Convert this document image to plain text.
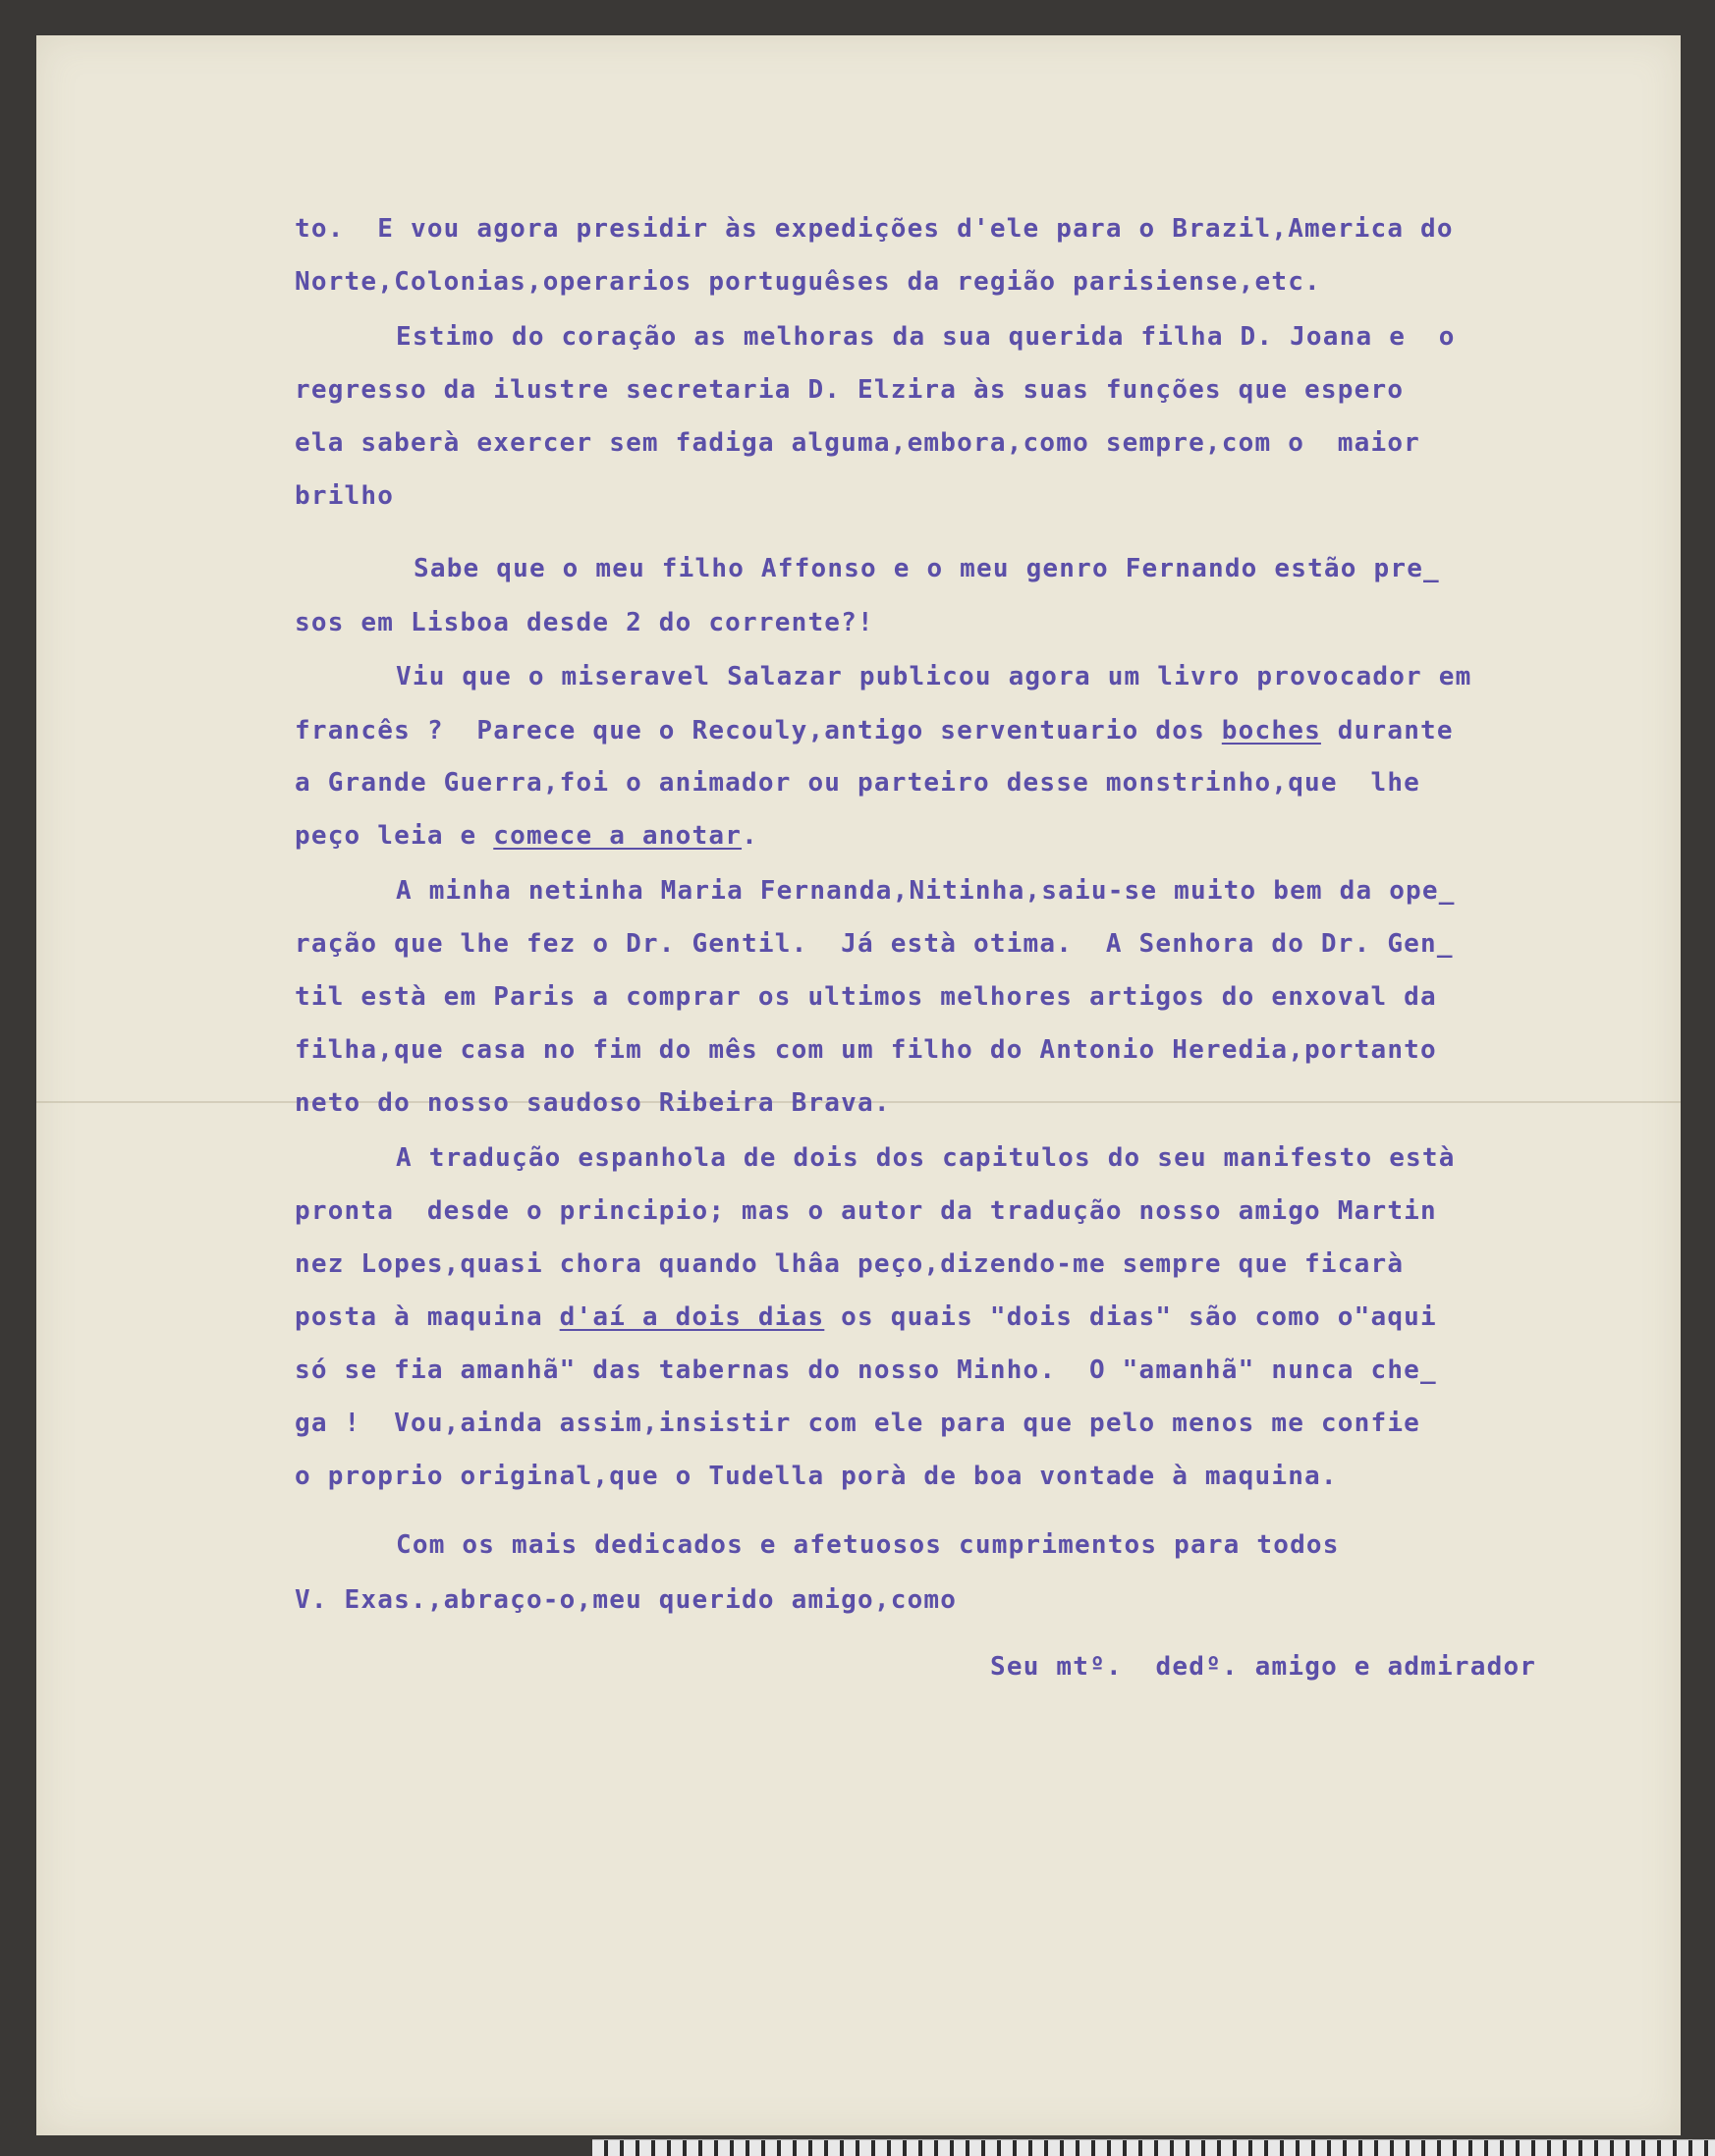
to.  E vou agora presidir às expedições d'ele para o Brazil,America do
Norte,Colonias,operarios portuguêses da região parisiense,etc.
Estimo do coração as melhoras da sua querida filha D. Joana e  o
regresso da ilustre secretaria D. Elzira às suas funções que espero
ela saberà exercer sem fadiga alguma,embora,como sempre,com o  maior
brilho
Sabe que o meu filho Affonso e o meu genro Fernando estão pre_
sos em Lisboa desde 2 do corrente?!
Viu que o miseravel Salazar publicou agora um livro provocador em
francês ?  Parece que o Recouly,antigo serventuario dos boches durante
a Grande Guerra,foi o animador ou parteiro desse monstrinho,que  lhe
peço leia e comece a anotar.
A minha netinha Maria Fernanda,Nitinha,saiu-se muito bem da ope_
ração que lhe fez o Dr. Gentil.  Já està otima.  A Senhora do Dr. Gen_
til està em Paris a comprar os ultimos melhores artigos do enxoval da
filha,que casa no fim do mês com um filho do Antonio Heredia,portanto
neto do nosso saudoso Ribeira Brava.
A tradução espanhola de dois dos capitulos do seu manifesto està
pronta  desde o principio; mas o autor da tradução nosso amigo Martin
nez Lopes,quasi chora quando lhâa peço,dizendo-me sempre que ficarà
posta à maquina d'aí a dois dias os quais "dois dias" são como o"aqui
só se fia amanhã" das tabernas do nosso Minho.  O "amanhã" nunca che_
ga !  Vou,ainda assim,insistir com ele para que pelo menos me confie
o proprio original,que o Tudella porà de boa vontade à maquina.
Com os mais dedicados e afetuosos cumprimentos para todos
V. Exas.,abraço-o,meu querido amigo,como
Seu mtº.  dedº. amigo e admirador
